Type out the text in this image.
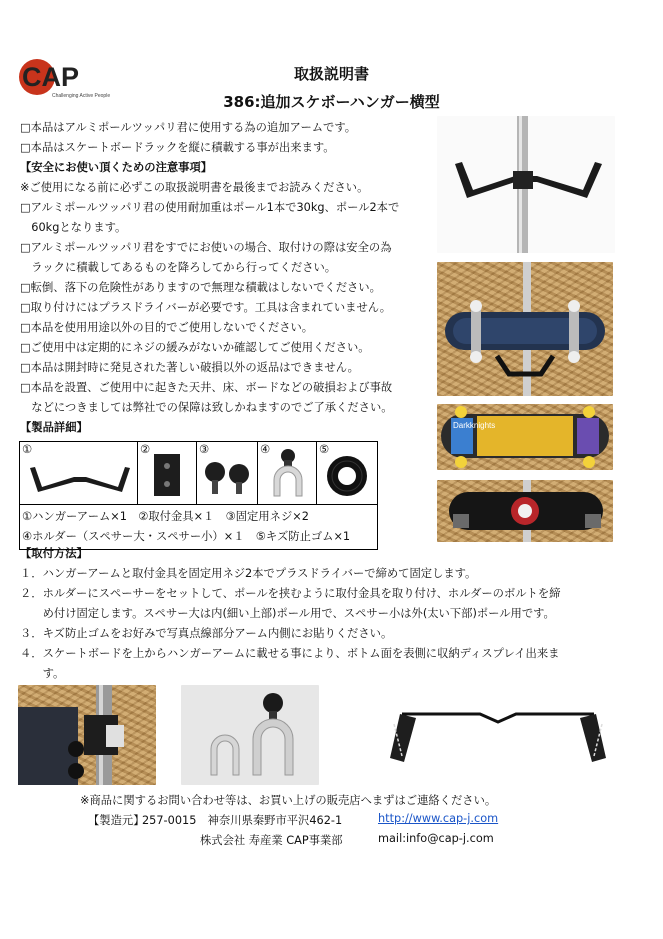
CAP
Challenging Active People
取扱説明書
386:追加スケボーハンガー横型
□本品はアルミポールツッパリ君に使用する為の追加アームです。
□本品はスケートボードラックを縦に積載する事が出来ます。
【安全にお使い頂くための注意事項】
※ご使用になる前に必ずこの取扱説明書を最後までお読みください。
□アルミポールツッパリ君の使用耐加重はポール1本で30kg、ポール2本で
　60kgとなります。
□アルミポールツッパリ君をすでにお使いの場合、取付けの際は安全の為
　ラックに積載してあるものを降ろしてから行ってください。
□転倒、落下の危険性がありますので無理な積載はしないでください。
□取り付けにはプラスドライバーが必要です。工具は含まれていません。
□本品を使用用途以外の目的でご使用しないでください。
□ご使用中は定期的にネジの緩みがないか確認してご使用ください。
□本品は開封時に発見された著しい破損以外の返品はできません。
□本品を設置、ご使用中に起きた天井、床、ボードなどの破損および事故
　などにつきましては弊社での保障は致しかねますのでご了承ください。
【製品詳細】	Darkknights
①	②	③	④	⑤

①ハンガーアーム×1　②取付金具×１　③固定用ネジ×2
④ホルダー（スペサー大・スペサー小）×１　⑤キズ防止ゴム×1
【取付方法】
１．ハンガーアームと取付金具を固定用ネジ2本でプラスドライバーで締めて固定します。
２．ホルダーにスペーサーをセットして、ポールを挟むように取付金具を取り付け、ホルダーのボルトを締
　　め付け固定します。スペサー大は内(細い上部)ポール用で、スペサー小は外(太い下部)ポール用です。
３．キズ防止ゴムをお好みで写真点線部分アーム内側にお貼りください。
４．スケートボードを上からハンガーアームに載せる事により、ボトム面を表側に収納ディスプレイ出来ま
　　す。
※商品に関するお問い合わせ等は、お買い上げの販売店へまずはご連絡ください。
【製造元】
257-0015　神奈川県秦野市平沢462-1	http://www.cap-j.com
株式会社 寿産業 CAP事業部	mail:info@cap-j.com
